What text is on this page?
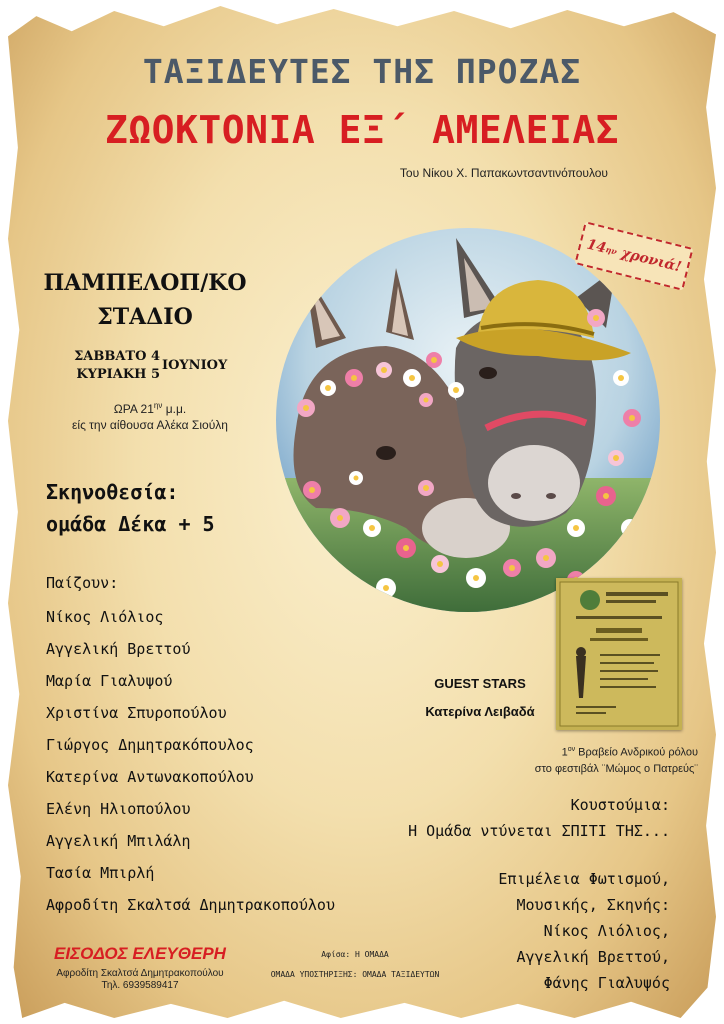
ΤΑΞΙΔΕΥΤΕΣ ΤΗΣ ΠΡΟΖΑΣ
ΖΩΟΚΤΟΝΙΑ ΕΞ΄ ΑΜΕΛΕΙΑΣ
Του Νίκου Χ. Παπακωντσαντινόπουλου
ΠΑΜΠΕΛΟΠ/ΚΟ
ΣΤΑΔΙΟ
ΣΑΒΒΑΤΟ 4
ΚΥΡΙΑΚΗ 5
ΙΟΥΝΙΟΥ
ΩΡΑ $21^{\eta\nu}$ μ.μ.
είς την αίθουσα Αλέκα Σιούλη
Σκηνοθεσία:
ομάδα Δέκα + 5
Παίζουν:
Νίκος Λιόλιος
Αγγελική Βρεττού
Μαρία Γιαλυψού
Χριστίνα Σπυροπούλου
Γιώργος Δημητρακόπουλος
Κατερίνα Αντωνακοπούλου
Ελένη Ηλιοπούλου
Αγγελική Μπιλάλη
Τασία Μπιρλή
Αφροδίτη Σκαλτσά Δημητρακοπούλου
14
ην
χρονιά!
GUEST STARS
Κατερίνα Λειβαδά
$1^{o\nu}$ Βραβείο Ανδρικού ρόλου
στο φεστιβάλ ¨Μώμος ο Πατρεύς¨
Κουστούμια:
Η Ομάδα ντύνεται ΣΠΙΤΙ ΤΗΣ...
Επιμέλεια Φωτισμού,
Μουσικής, Σκηνής:
Νίκος Λιόλιος,
Αγγελική Βρεττού,
Φάνης Γιαλυψός
ΕΙΣΟΔΟΣ ΕΛΕΥΘΕΡΗ
Αφροδίτη Σκαλτσά Δημητρακοπούλου
Τηλ. 6939589417
Αφίσα: Η ΟΜΑΔΑ
ΟΜΑΔΑ ΥΠΟΣΤΗΡΙΞΗΣ: ΟΜΑΔΑ ΤΑΞΙΔΕΥΤΩΝ
